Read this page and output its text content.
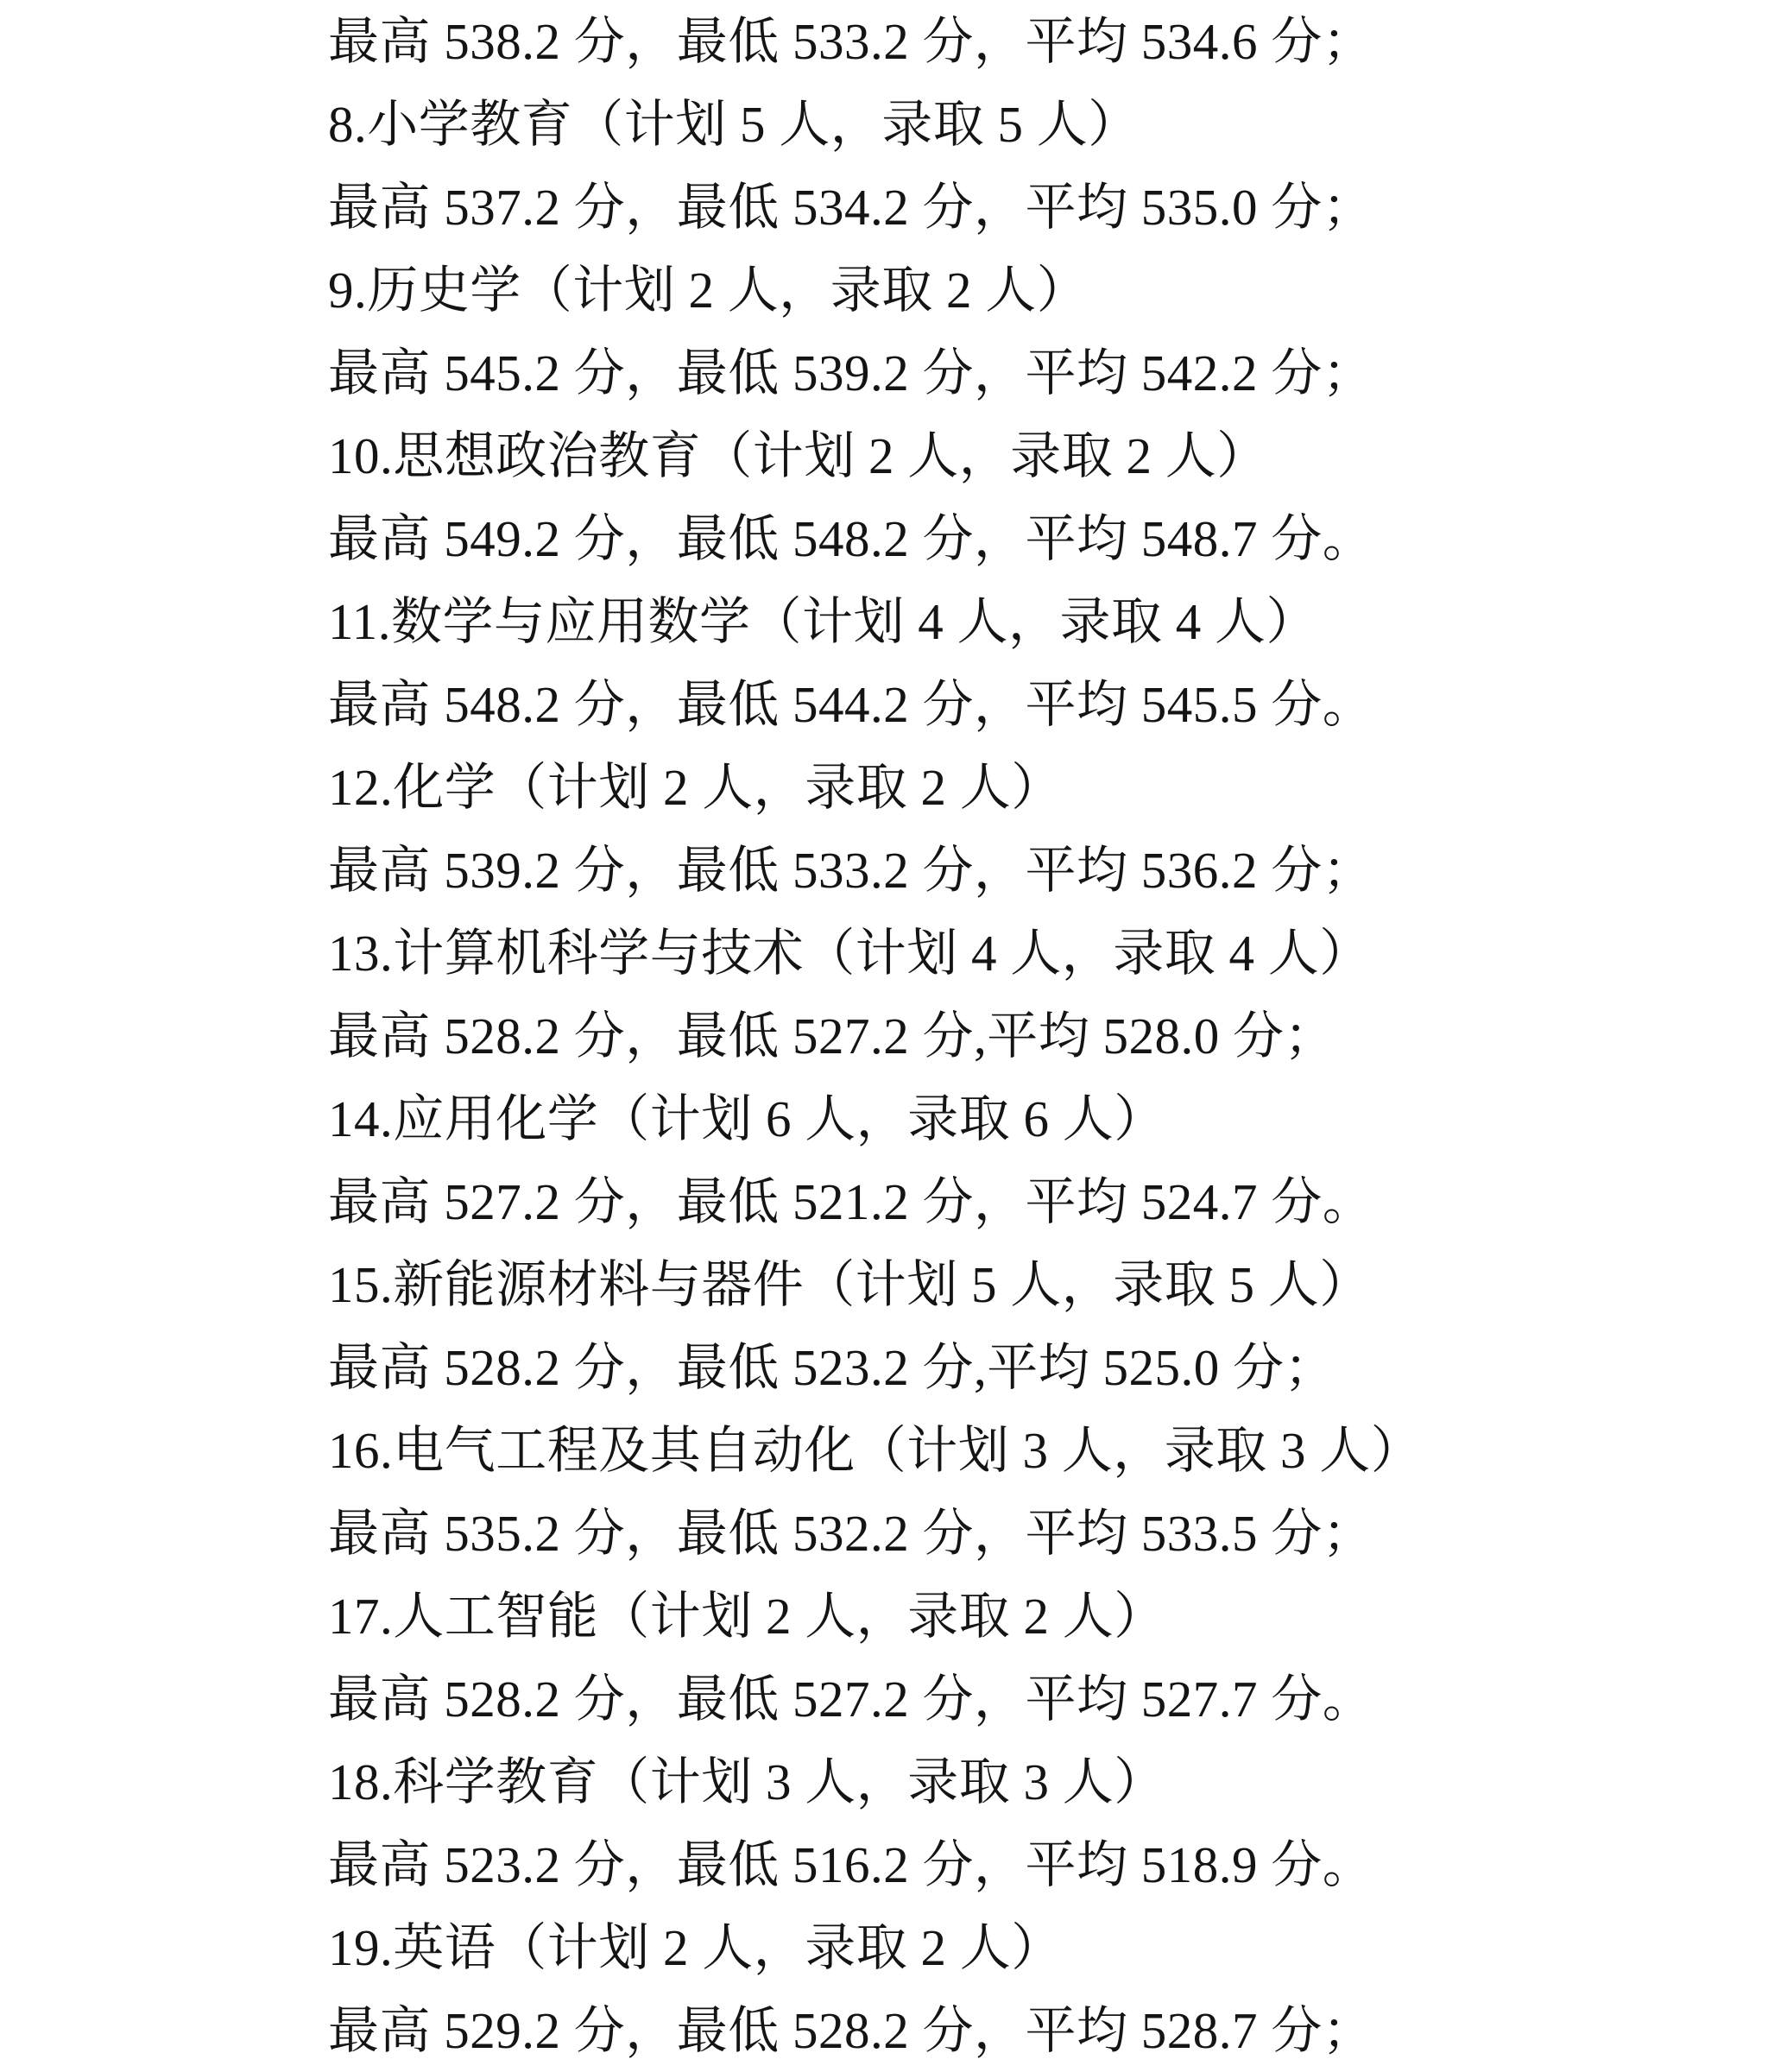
最高 538.2 分，最低 533.2 分，平均 534.6 分；

8.小学教育（计划 5 人，录取 5 人）

最高 537.2 分，最低 534.2 分，平均 535.0 分；

9.历史学（计划 2 人，录取 2 人）

最高 545.2 分，最低 539.2 分，平均 542.2 分；

10.思想政治教育（计划 2 人，录取 2 人）

最高 549.2 分，最低 548.2 分，平均 548.7 分。

11.数学与应用数学（计划 4 人，录取 4 人）

最高 548.2 分，最低 544.2 分，平均 545.5 分。

12.化学（计划 2 人，录取 2 人）

最高 539.2 分，最低 533.2 分，平均 536.2 分；

13.计算机科学与技术（计划 4 人，录取 4 人）

最高 528.2 分，最低 527.2 分,平均 528.0 分；

14.应用化学（计划 6 人，录取 6 人）

最高 527.2 分，最低 521.2 分，平均 524.7 分。

15.新能源材料与器件（计划 5 人，录取 5 人）

最高 528.2 分，最低 523.2 分,平均 525.0 分；

16.电气工程及其自动化（计划 3 人，录取 3 人）

最高 535.2 分，最低 532.2 分，平均 533.5 分；

17.人工智能（计划 2 人，录取 2 人）

最高 528.2 分，最低 527.2 分，平均 527.7 分。

18.科学教育（计划 3 人，录取 3 人）

最高 523.2 分，最低 516.2 分，平均 518.9 分。

19.英语（计划 2 人，录取 2 人）

最高 529.2 分，最低 528.2 分，平均 528.7 分；
